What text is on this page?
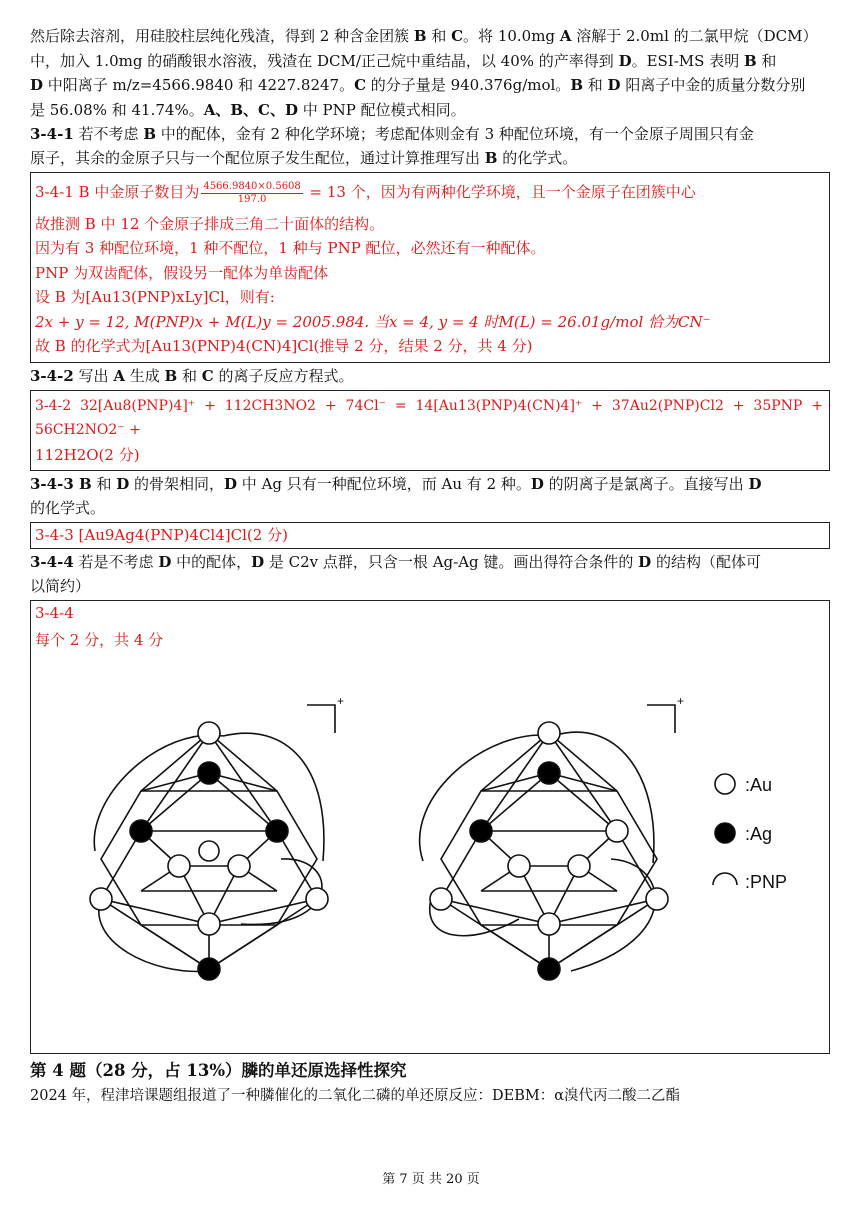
然后除去溶剂，用硅胶柱层纯化残渣，得到 2 种含金团簇 B 和 C。将 10.0mg A 溶解于 2.0ml 的二氯甲烷（DCM）
中，加入 1.0mg 的硝酸银水溶液，残渣在 DCM/正己烷中重结晶，以 40% 的产率得到 D。ESI-MS 表明 B 和
D 中阳离子 m/z=4566.9840 和 4227.8247。C 的分子量是 940.376g/mol。B 和 D 阳离子中金的质量分数分别
是 56.08% 和 41.74%。A、B、C、D 中 PNP 配位模式相同。

3-4-1 若不考虑 B 中的配体，金有 2 种化学环境；考虑配体则金有 3 种配位环境，有一个金原子周围只有金
原子，其余的金原子只与一个配位原子发生配位，通过计算推理写出 B 的化学式。

3-4-1 B 中金原子数目为 $\frac{4566.9840\times 0.5608}{197.0} = 13$ 个，因为有两种化学环境，且一个金原子在团簇中心

故推测 B 中 12 个金原子排成三角二十面体的结构。

因为有 3 种配位环境，1 种不配位，1 种与 PNP 配位，必然还有一种配体。

PNP 为双齿配体，假设另一配体为单齿配体

设 B 为[Au13(PNP)xLy]Cl，则有:

2x + y = 12, M(PNP)x + M(L)y = 2005.984. 当x = 4, y = 4 时M(L) = 26.01g/mol 恰为CN⁻

故 B 的化学式为[Au13(PNP)4(CN)4]Cl(推导 2 分，结果 2 分，共 4 分)

3-4-2 写出 A 生成 B 和 C 的离子反应方程式。

3-4-2 32[Au8(PNP)4]⁺ + 112CH3NO2 + 74Cl⁻ = 14[Au13(PNP)4(CN)4]⁺ + 37Au2(PNP)Cl2 + 35PNP + 56CH2NO2⁻ +

112H2O(2 分)

3-4-3 B 和 D 的骨架相同，D 中 Ag 只有一种配位环境，而 Au 有 2 种。D 的阴离子是氯离子。直接写出 D
的化学式。

3-4-3 [Au9Ag4(PNP)4Cl4]Cl(2 分)

3-4-4 若是不考虑 D 中的配体，D 是 C2v 点群，只含一根 Ag-Ag 键。画出得符合条件的 D 的结构（配体可
以简约）

3-4-4
每个 2 分，共 4 分
:Au
:Ag
:PNP
+	+

第 4 题（28 分，占 13%）膦的单还原选择性探究

2024 年，程津培课题组报道了一种膦催化的二氧化二磷的单还原反应：DEBM：α溴代丙二酸二乙酯

第 7 页 共 20 页
